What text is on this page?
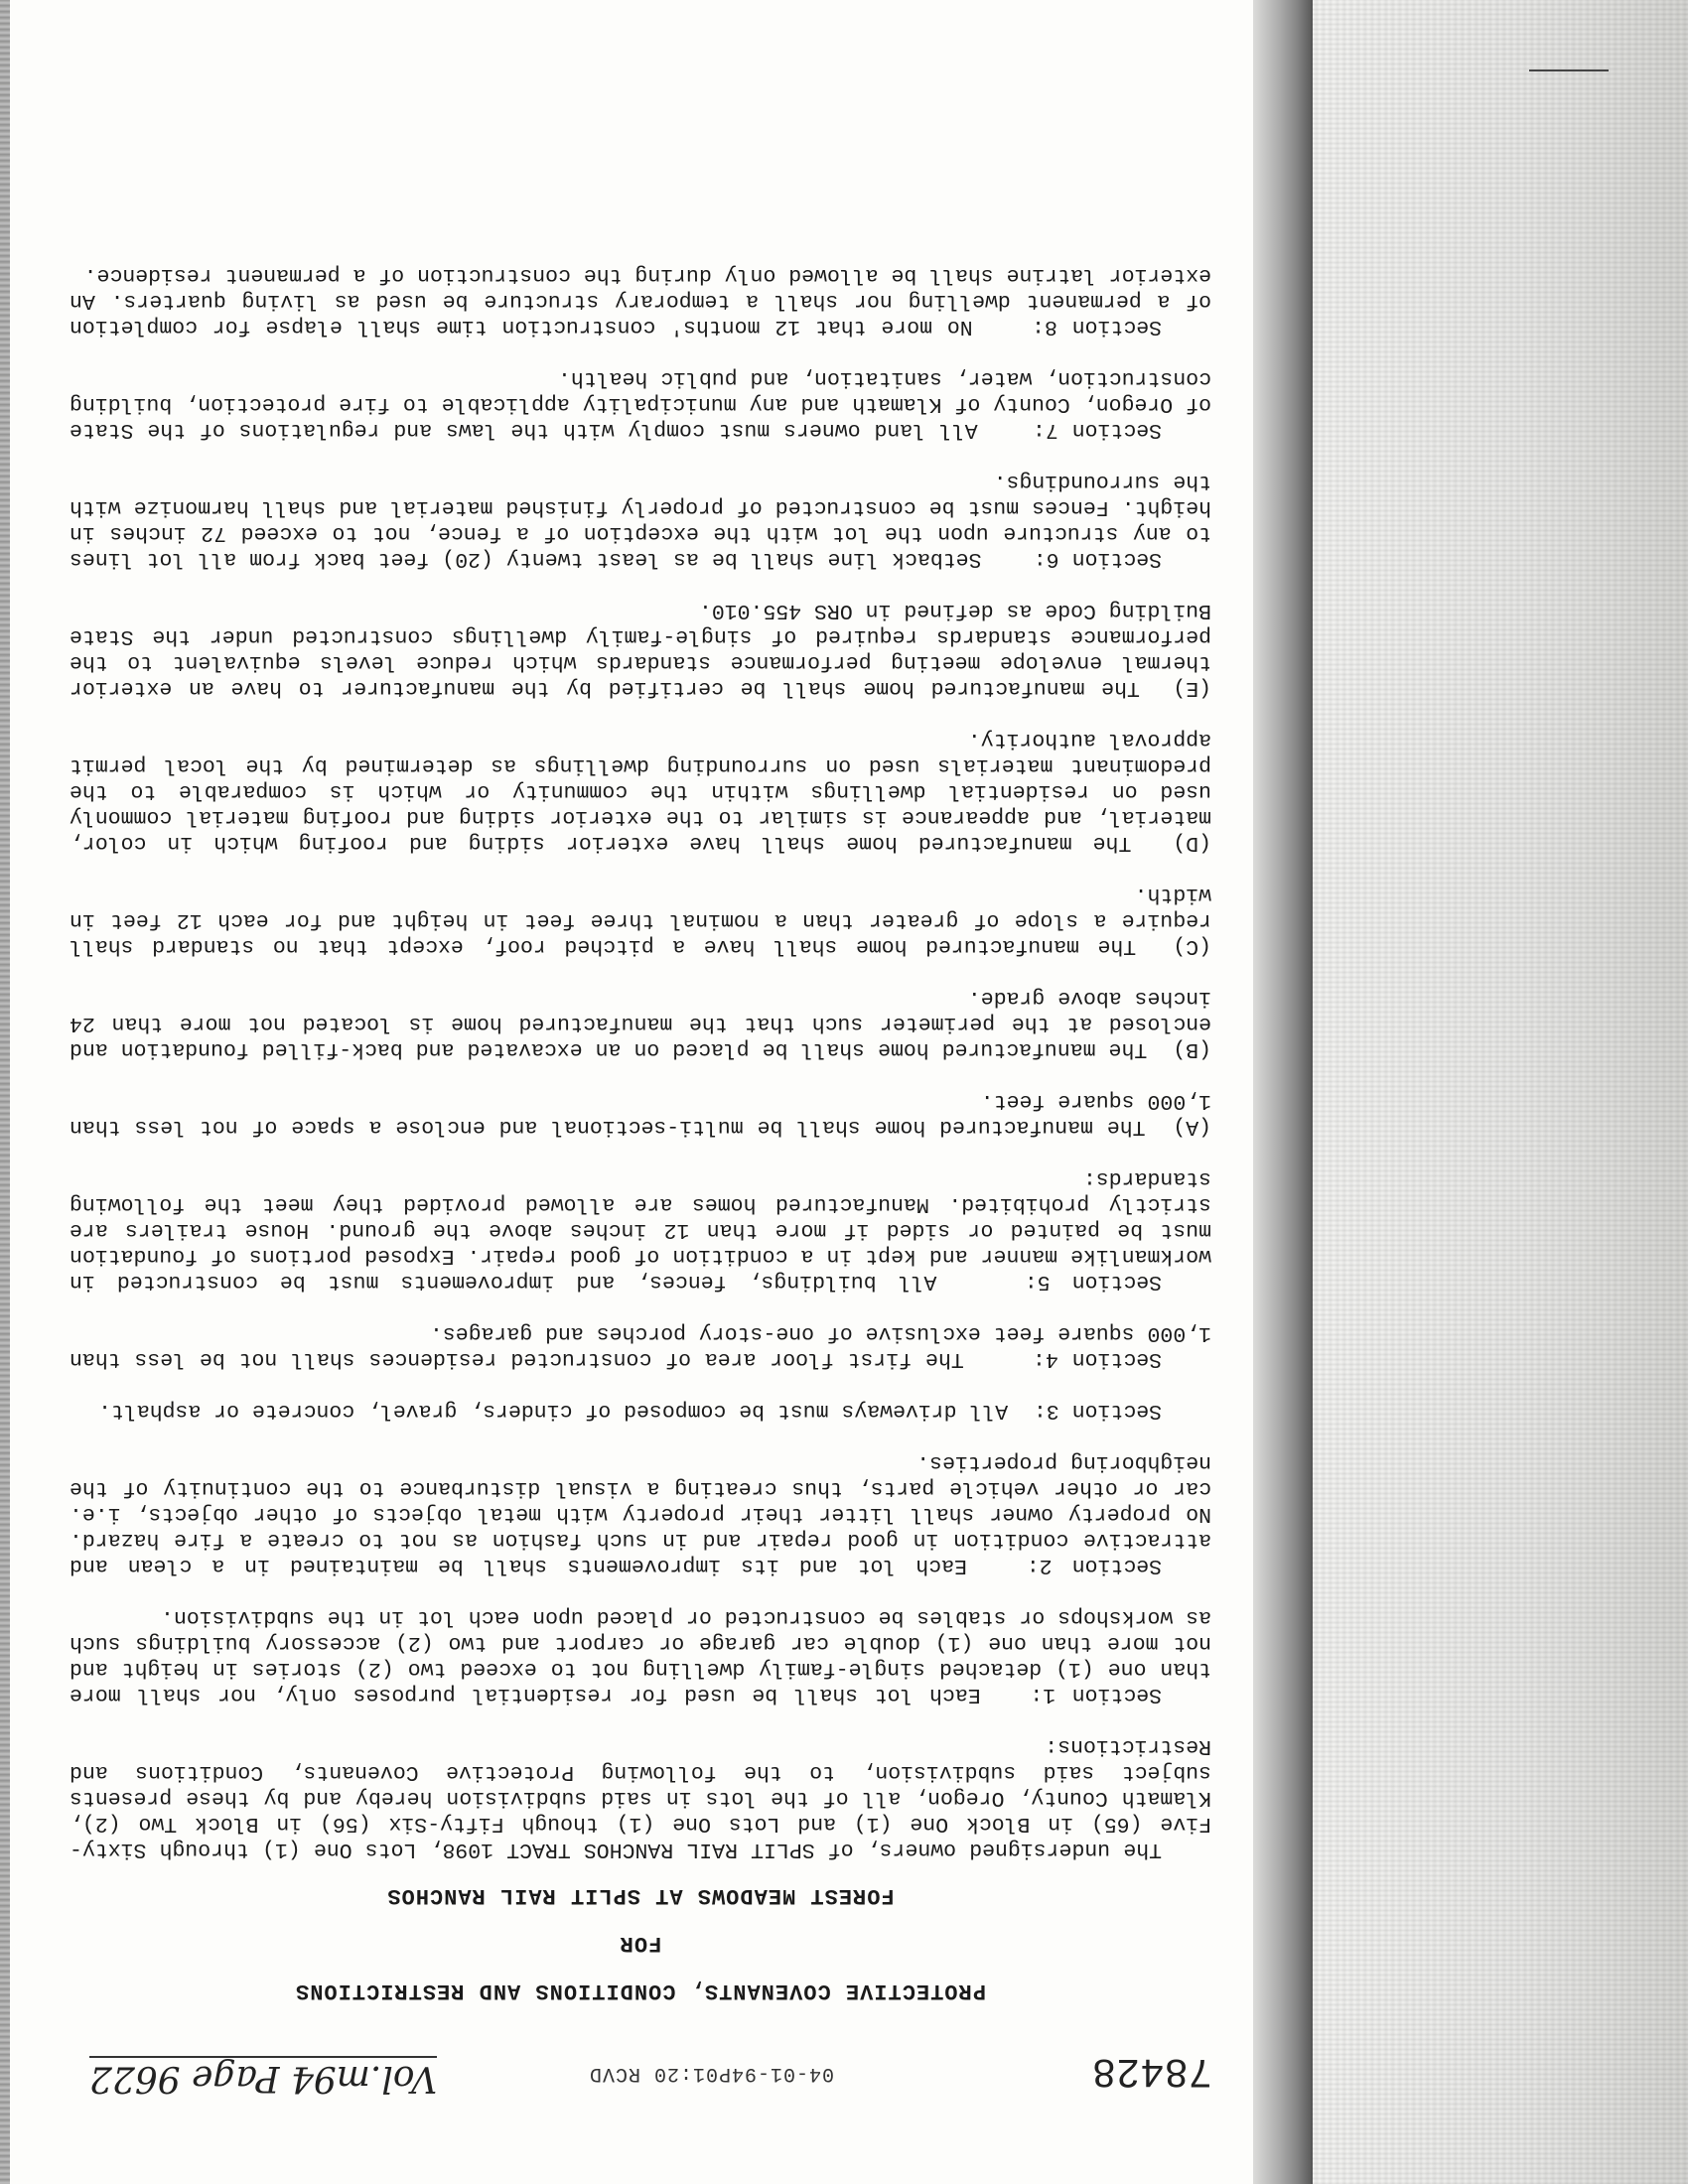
78428
04-01-94P01:20 RCVD
Vol.m94 Page 9622

PROTECTIVE COVENANTS, CONDITIONS AND RESTRICTIONS

FOR

FOREST MEADOWS AT SPLIT RAIL RANCHOS

The undersigned owners, of SPLIT RAIL RANCHOS TRACT 1098, Lots One (1) through Sixty-Five (65) in Block One (1) and Lots One (1) though Fifty-Six (56) in Block Two (2), Klamath County, Oregon, all of the lots in said subdivision hereby and by these presents subject said subdivision, to the following Protective Covenants, Conditions and Restrictions:

Section 1:   Each lot shall be used for residential purposes only, nor shall more than one (1) detached single-family dwelling not to exceed two (2) stories in height and not more than one (1) double car garage or carport and two (2) accessory buildings such as workshops or stables be constructed or placed upon each lot in the subdivision.

Section 2:   Each lot and its improvements shall be maintained in a clean and attractive condition in good repair and in such fashion as not to create a fire hazard. No property owner shall litter their property with metal objects of other objects, i.e. car or other vehicle parts, thus creating a visual disturbance to the continuity of the neighboring properties.

Section 3:  All driveways must be composed of cinders, gravel, concrete or asphalt.

Section 4:     The first floor area of constructed residences shall not be less than 1,000 square feet exclusive of one-story porches and garages.

Section 5:    All buildings, fences, and improvements must be constructed in workmanlike manner and kept in a condition of good repair. Exposed portions of foundation must be painted or sided if more than 12 inches above the ground. House trailers are strictly prohibited. Manufactured homes are allowed provided they meet the following standards:

(A)  The manufactured home shall be multi-sectional and enclose a space of not less than 1,000 square feet.

(B)  The manufactured home shall be placed on an excavated and back-filled foundation and enclosed at the perimeter such that the manufactured home is located not more than 24 inches above grade.

(C)  The manufactured home shall have a pitched roof, except that no standard shall require a slope of greater than a nominal three feet in height and for each 12 feet in width.

(D)  The manufactured home shall have exterior siding and roofing which in color, material, and appearance is similar to the exterior siding and roofing material commonly used on residential dwellings within the community or which is comparable to the predominant materials used on surrounding dwellings as determined by the local permit approval authority.

(E)  The manufactured home shall be certified by the manufacturer to have an exterior thermal envelope meeting performance standards which reduce levels equivalent to the performance standards required of single-family dwellings constructed under the State Building Code as defined in ORS 455.010.

Section 6:    Setback line shall be as least twenty (20) feet back from all lot lines to any structure upon the lot with the exception of a fence, not to exceed 72 inches in height. Fences must be constructed of properly finished material and shall harmonize with the surroundings.

Section 7:    All land owners must comply with the laws and regulations of the State of Oregon, County of Klamath and any municipality applicable to fire protection, building construction, water, sanitation, and public health.

Section 8:    No more that 12 months' construction time shall elapse for completion of a permanent dwelling nor shall a temporary structure be used as living quarters. An exterior latrine shall be allowed only during the construction of a permanent residence.
